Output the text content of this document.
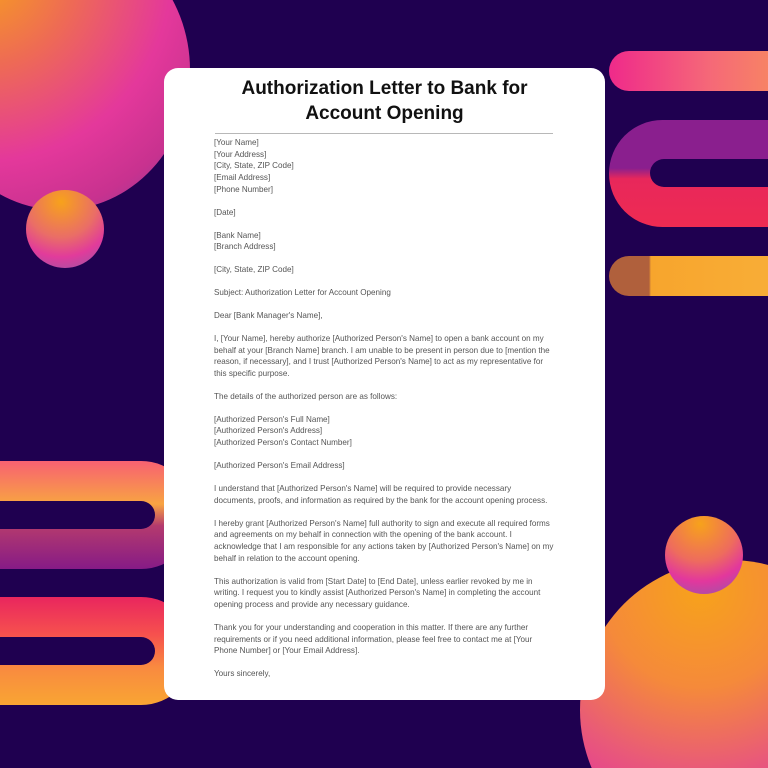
Authorization Letter to Bank for
Account Opening

[Your Name]
[Your Address]
[City, State, ZIP Code]
[Email Address]
[Phone Number]

[Date]

[Bank Name]
[Branch Address]

[City, State, ZIP Code]

Subject: Authorization Letter for Account Opening

Dear [Bank Manager's Name],

I, [Your Name], hereby authorize [Authorized Person's Name] to open a bank account on my behalf at your [Branch Name] branch. I am unable to be present in person due to [mention the reason, if necessary], and I trust [Authorized Person's Name] to act as my representative for this specific purpose.

The details of the authorized person are as follows:

[Authorized Person's Full Name]
[Authorized Person's Address]
[Authorized Person's Contact Number]

[Authorized Person's Email Address]

I understand that [Authorized Person's Name] will be required to provide necessary documents, proofs, and information as required by the bank for the account opening process.

I hereby grant [Authorized Person's Name] full authority to sign and execute all required forms and agreements on my behalf in connection with the opening of the bank account. I acknowledge that I am responsible for any actions taken by [Authorized Person's Name] on my behalf in relation to the account opening.

This authorization is valid from [Start Date] to [End Date], unless earlier revoked by me in writing. I request you to kindly assist [Authorized Person's Name] in completing the account opening process and provide any necessary guidance.

Thank you for your understanding and cooperation in this matter. If there are any further requirements or if you need additional information, please feel free to contact me at [Your Phone Number] or [Your Email Address].

Yours sincerely,
